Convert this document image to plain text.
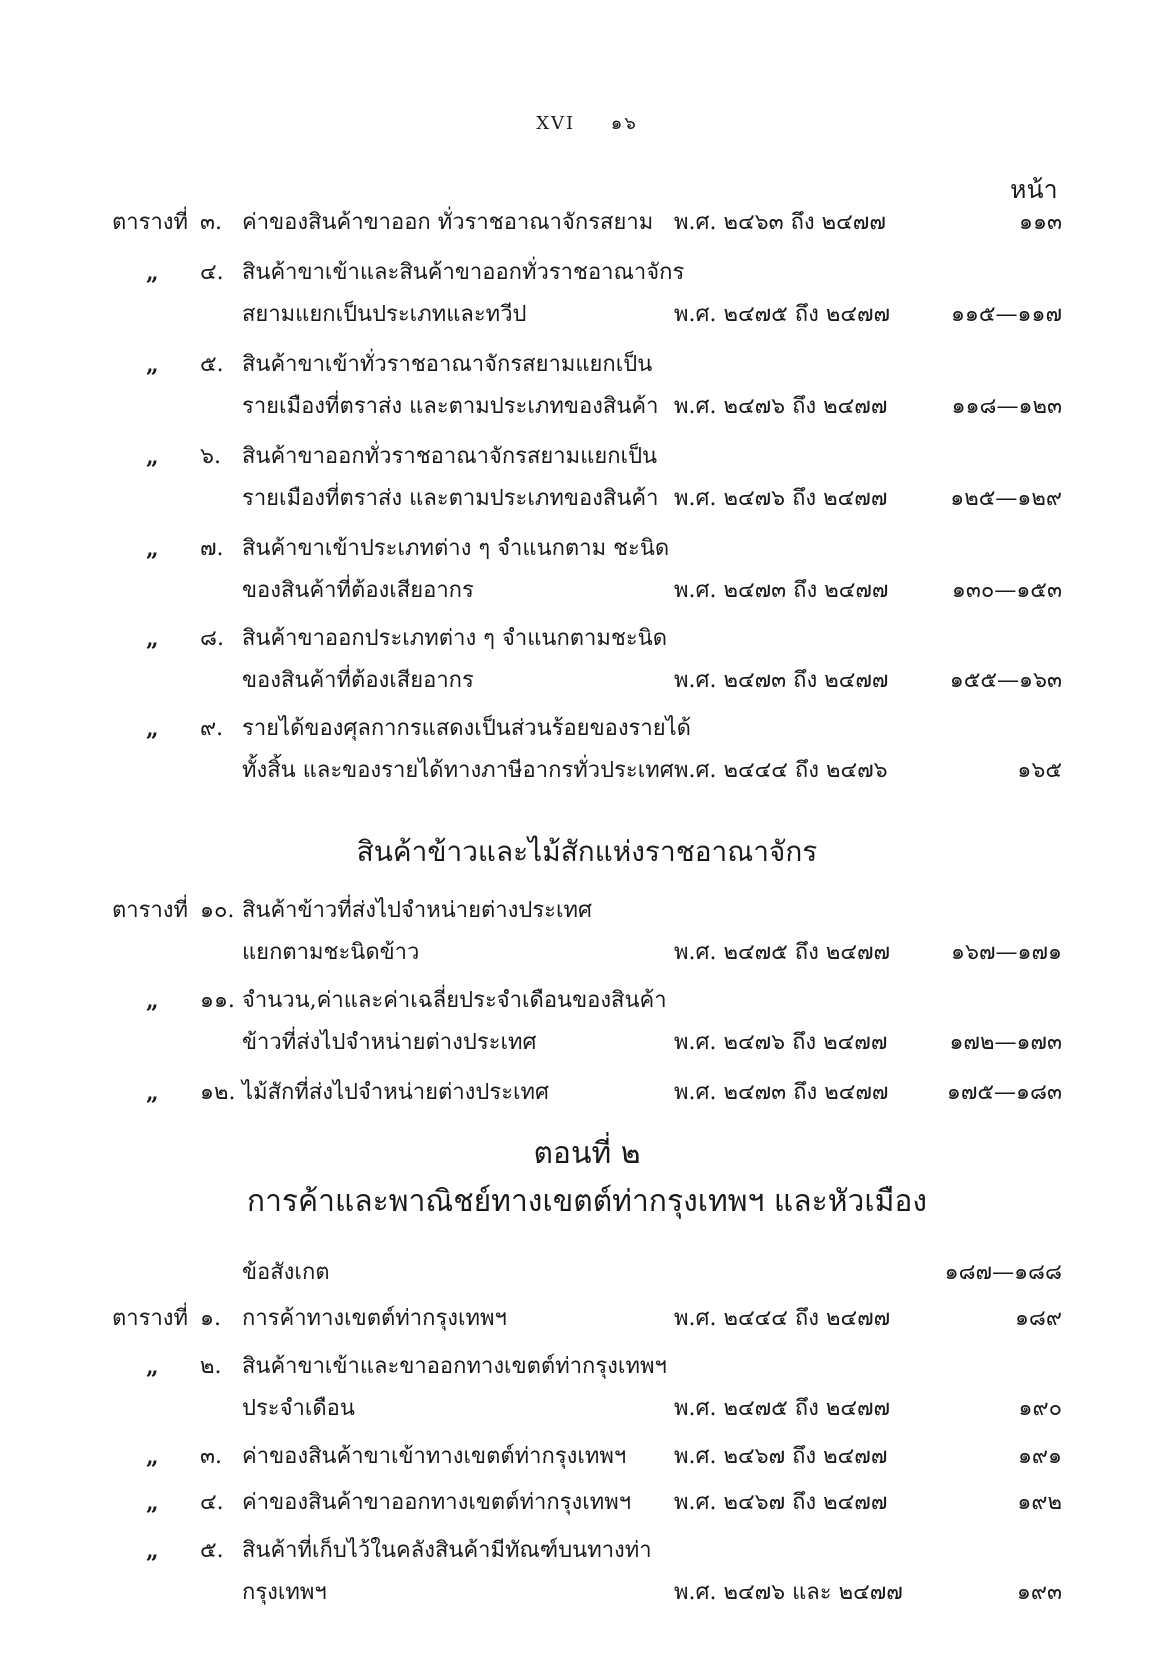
XVI ๑๖
หน้า
ตารางที่ ๓. ค่าของสินค้าขาออก ทั่วราชอาณาจักรสยาม พ.ศ. ๒๔๖๓ ถึง ๒๔๗๗	๑๑๓
„ ๔. สินค้าขาเข้าและสินค้าขาออกทั่วราชอาณาจักร
สยามแยกเป็นประเภทและทวีป	พ.ศ. ๒๔๗๕ ถึง ๒๔๗๗	๑๑๕—๑๑๗
„ ๕. สินค้าขาเข้าทั่วราชอาณาจักรสยามแยกเป็น
รายเมืองที่ตราส่ง และตามประเภทของสินค้า พ.ศ. ๒๔๗๖ ถึง ๒๔๗๗	๑๑๘—๑๒๓
„ ๖. สินค้าขาออกทั่วราชอาณาจักรสยามแยกเป็น
รายเมืองที่ตราส่ง และตามประเภทของสินค้า พ.ศ. ๒๔๗๖ ถึง ๒๔๗๗	๑๒๕—๑๒๙
„ ๗. สินค้าขาเข้าประเภทต่าง ๆ จำแนกตาม ชะนิด
ของสินค้าที่ต้องเสียอากร	พ.ศ. ๒๔๗๓ ถึง ๒๔๗๗	๑๓๐—๑๕๓
„ ๘. สินค้าขาออกประเภทต่าง ๆ จำแนกตามชะนิด
ของสินค้าที่ต้องเสียอากร	พ.ศ. ๒๔๗๓ ถึง ๒๔๗๗	๑๕๕—๑๖๓
„ ๙. รายได้ของศุลกากรแสดงเป็นส่วนร้อยของรายได้
ทั้งสิ้น และของรายได้ทางภาษีอากรทั่วประเทศ พ.ศ. ๒๔๔๔ ถึง ๒๔๗๖	๑๖๕
สินค้าข้าวและไม้สักแห่งราชอาณาจักร
ตารางที่ ๑๐. สินค้าข้าวที่ส่งไปจำหน่ายต่างประเทศ
แยกตามชะนิดข้าว	พ.ศ. ๒๔๗๕ ถึง ๒๔๗๗	๑๖๗—๑๗๑
„ ๑๑. จำนวน,ค่าและค่าเฉลี่ยประจำเดือนของสินค้า
ข้าวที่ส่งไปจำหน่ายต่างประเทศ	พ.ศ. ๒๔๗๖ ถึง ๒๔๗๗	๑๗๒—๑๗๓
„ ๑๒. ไม้สักที่ส่งไปจำหน่ายต่างประเทศ	พ.ศ. ๒๔๗๓ ถึง ๒๔๗๗	๑๗๕—๑๘๓
ตอนที่ ๒
การค้าและพาณิชย์ทางเขตต์ท่ากรุงเทพฯ และหัวเมือง
ข้อสังเกต	๑๘๗—๑๘๘
ตารางที่ ๑. การค้าทางเขตต์ท่ากรุงเทพฯ	พ.ศ. ๒๔๔๔ ถึง ๒๔๗๗	๑๘๙
„ ๒. สินค้าขาเข้าและขาออกทางเขตต์ท่ากรุงเทพฯ
ประจำเดือน	พ.ศ. ๒๔๗๕ ถึง ๒๔๗๗	๑๙๐
„ ๓. ค่าของสินค้าขาเข้าทางเขตต์ท่ากรุงเทพฯ พ.ศ. ๒๔๖๗ ถึง ๒๔๗๗	๑๙๑
„ ๔. ค่าของสินค้าขาออกทางเขตต์ท่ากรุงเทพฯ พ.ศ. ๒๔๖๗ ถึง ๒๔๗๗	๑๙๒
„ ๕. สินค้าที่เก็บไว้ในคลังสินค้ามีทัณฑ์บนทางท่า
กรุงเทพฯ	พ.ศ. ๒๔๗๖ และ ๒๔๗๗	๑๙๓
